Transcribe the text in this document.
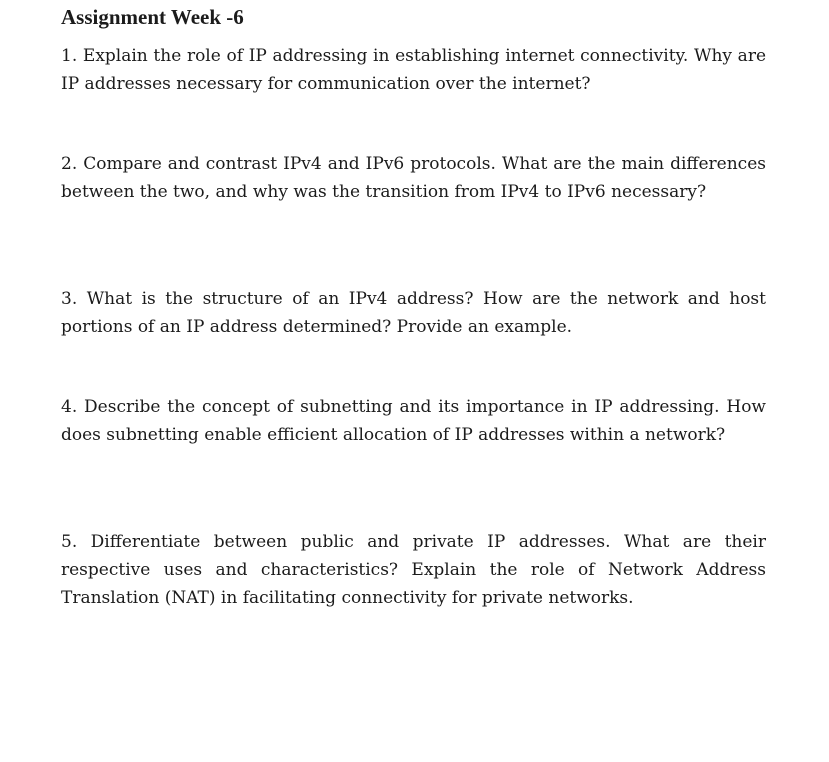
Assignment Week -6
1. Explain the role of IP addressing in establishing internet connectivity. Why are IP addresses necessary for communication over the internet?
2. Compare and contrast IPv4 and IPv6 protocols. What are the main differences between the two, and why was the transition from IPv4 to IPv6 necessary?
3. What is the structure of an IPv4 address? How are the network and host portions of an IP address determined? Provide an example.
4. Describe the concept of subnetting and its importance in IP addressing. How does subnetting enable efficient allocation of IP addresses within a network?
5. Differentiate between public and private IP addresses. What are their respective uses and characteristics? Explain the role of Network Address Translation (NAT) in facilitating connectivity for private networks.
